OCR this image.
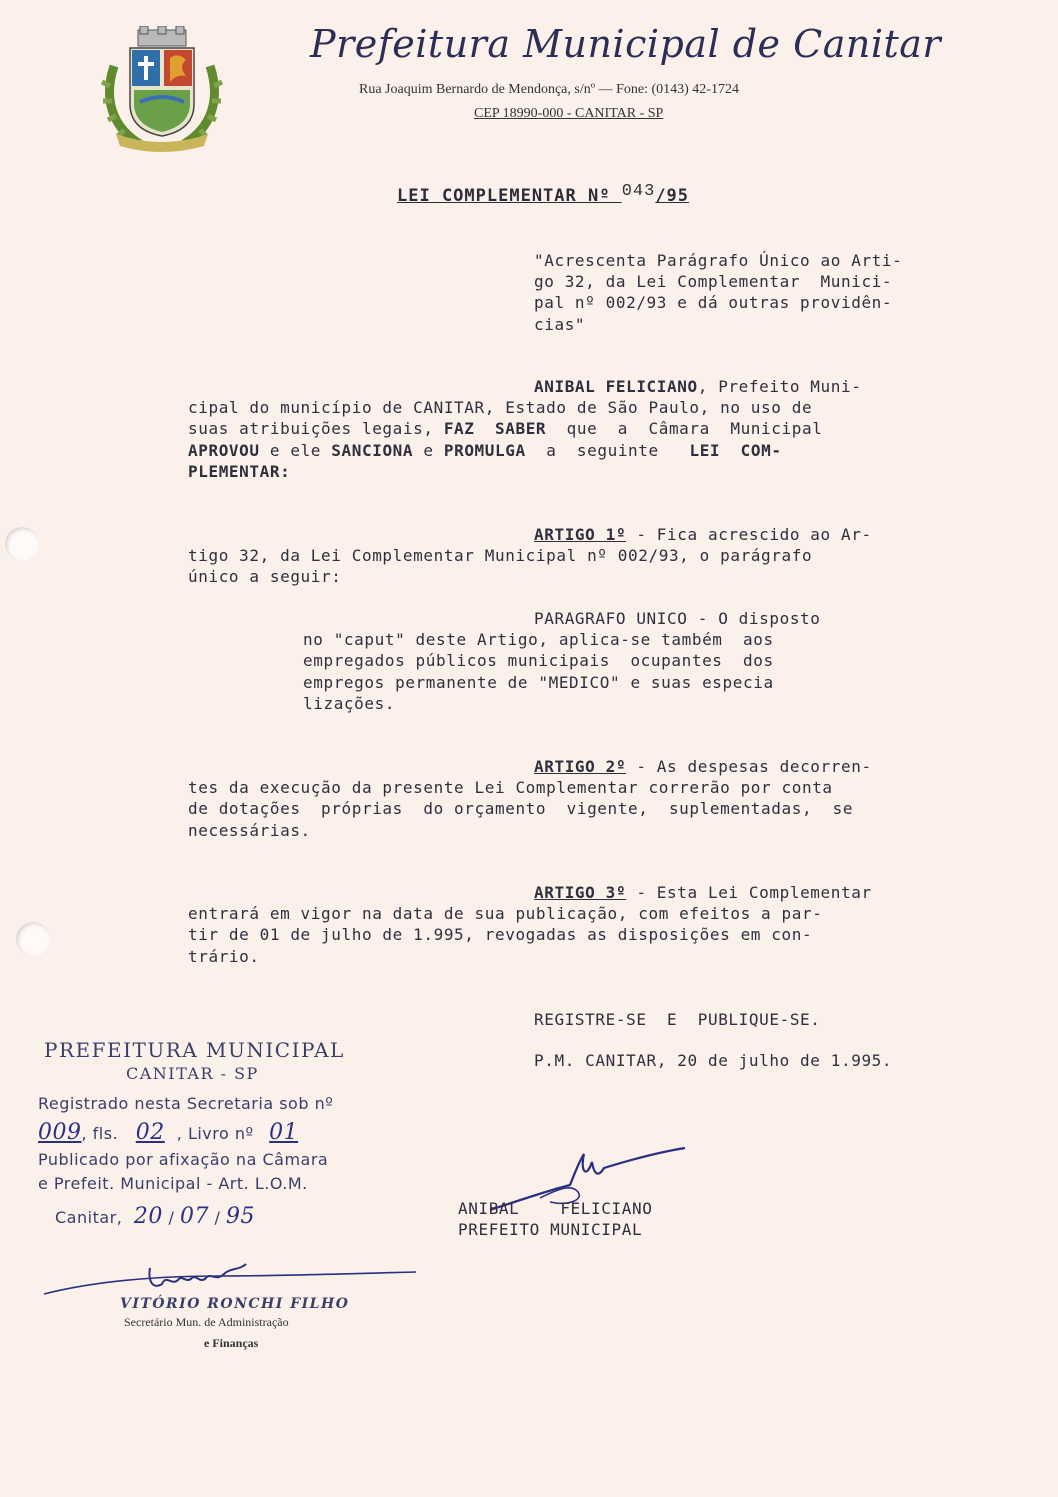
Prefeitura Municipal de Canitar
Rua Joaquim Bernardo de Mendonça, s/nº — Fone: (0143) 42-1724
CEP 18990-000 - CANITAR - SP
LEI COMPLEMENTAR Nº 043/95
"Acrescenta Parágrafo Único ao Arti-
go 32, da Lei Complementar  Munici-
pal nº 002/93 e dá outras providên-
cias"
ANIBAL FELICIANO, Prefeito Muni-
cipal do município de CANITAR, Estado de São Paulo, no uso de
suas atribuições legais, FAZ  SABER  que  a  Câmara  Municipal
APROVOU e ele SANCIONA e PROMULGA  a  seguinte   LEI  COM-
PLEMENTAR:
ARTIGO 1º - Fica acrescido ao Ar-
tigo 32, da Lei Complementar Municipal nº 002/93, o parágrafo
único a seguir:
PARAGRAFO UNICO - O disposto
no "caput" deste Artigo, aplica-se também  aos
empregados públicos municipais  ocupantes  dos
empregos permanente de "MEDICO" e suas especia
lizações.
ARTIGO 2º - As despesas decorren-
tes da execução da presente Lei Complementar correrão por conta
de dotações  próprias  do orçamento  vigente,  suplementadas,  se
necessárias.
ARTIGO 3º - Esta Lei Complementar
entrará em vigor na data de sua publicação, com efeitos a par-
tir de 01 de julho de 1.995, revogadas as disposições em con-
trário.
REGISTRE-SE  E  PUBLIQUE-SE.
P.M. CANITAR, 20 de julho de 1.995.
ANIBAL    FELICIANO
PREFEITO MUNICIPAL
PREFEITURA MUNICIPAL
CANITAR - SP
Registrado nesta Secretaria sob nº
009, fls. 02 , Livro nº 01
Publicado por afixação na Câmara
e Prefeit. Municipal - Art. L.O.M.
Canitar, 20 / 07 / 95
VITÓRIO RONCHI FILHO
Secretário Mun. de Administração
e Finanças
